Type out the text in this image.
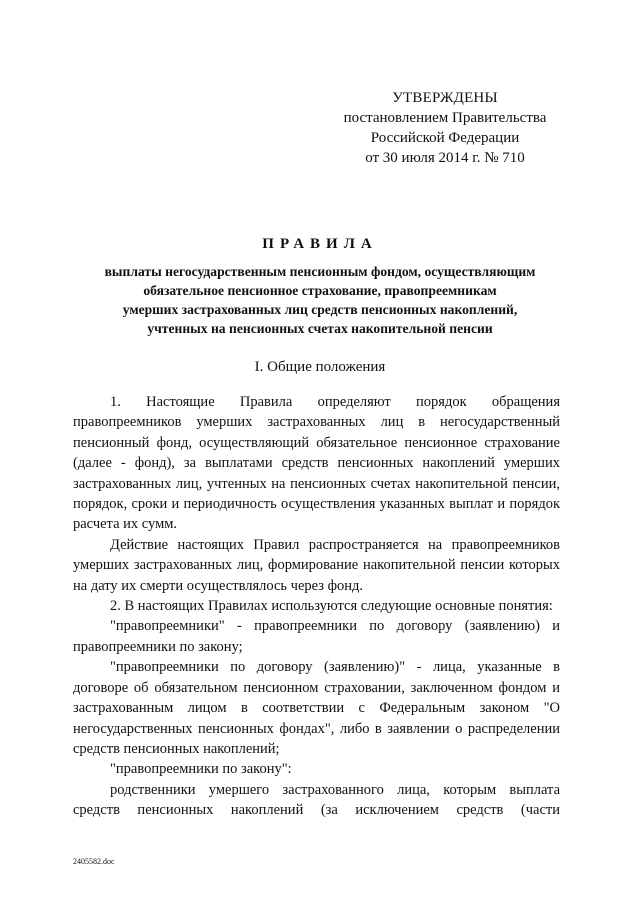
УТВЕРЖДЕНЫ
постановлением Правительства
Российской Федерации
от 30 июля 2014 г. № 710
ПРАВИЛА
выплаты негосударственным пенсионным фондом, осуществляющим
обязательное пенсионное страхование, правопреемникам
умерших застрахованных лиц средств пенсионных накоплений,
учтенных на пенсионных счетах накопительной пенсии
I. Общие положения

1. Настоящие Правила определяют порядок обращения правопреемников умерших застрахованных лиц в негосударственный пенсионный фонд, осуществляющий обязательное пенсионное страхование (далее - фонд), за выплатами средств пенсионных накоплений умерших застрахованных лиц, учтенных на пенсионных счетах накопительной пенсии, порядок, сроки и периодичность осуществления указанных выплат и порядок расчета их сумм.

Действие настоящих Правил распространяется на правопреемников умерших застрахованных лиц, формирование накопительной пенсии которых на дату их смерти осуществлялось через фонд.

2. В настоящих Правилах используются следующие основные понятия:

"правопреемники" - правопреемники по договору (заявлению) и правопреемники по закону;

"правопреемники по договору (заявлению)" - лица, указанные в договоре об обязательном пенсионном страховании, заключенном фондом и застрахованным лицом в соответствии с Федеральным законом "О негосударственных пенсионных фондах", либо в заявлении о распределении средств пенсионных накоплений;

"правопреемники по закону":

родственники умершего застрахованного лица, которым выплата средств пенсионных накоплений (за исключением средств (части

2405582.doc
